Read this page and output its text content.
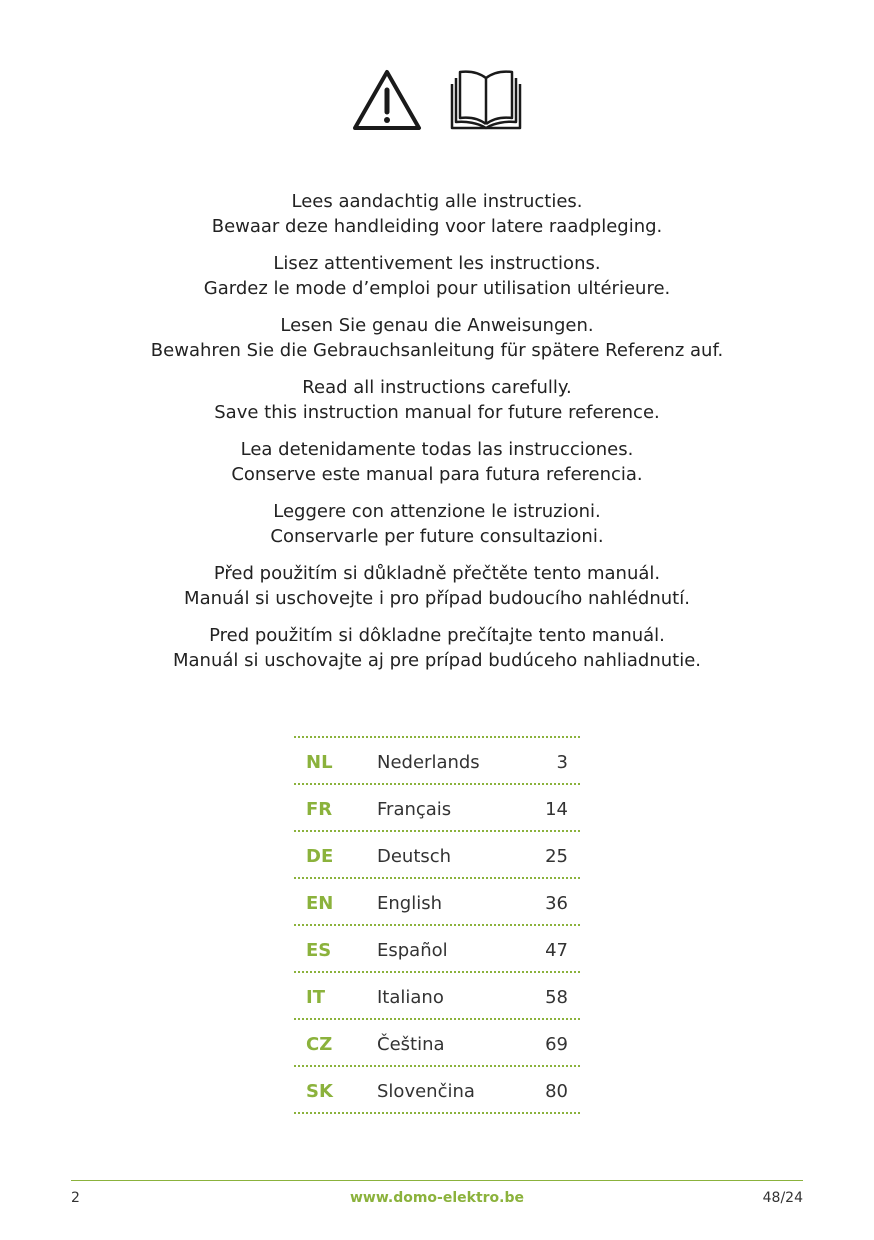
Lees aandachtig alle instructies.
Bewaar deze handleiding voor latere raadpleging.
Lisez attentivement les instructions.
Gardez le mode d’emploi pour utilisation ultérieure.
Lesen Sie genau die Anweisungen.
Bewahren Sie die Gebrauchsanleitung für spätere Referenz auf.
Read all instructions carefully.
Save this instruction manual for future reference.
Lea detenidamente todas las instrucciones.
Conserve este manual para futura referencia.
Leggere con attenzione le istruzioni.
Conservarle per future consultazioni.
Před použitím si důkladně přečtěte tento manuál.
Manuál si uschovejte i pro případ budoucího nahlédnutí.
Pred použitím si dôkladne prečítajte tento manuál.
Manuál si uschovajte aj pre prípad budúceho nahliadnutie.
NL Nederlands	3
FR Français	14
DE Deutsch	25
EN English	36
ES	Español	47
IT	Italiano	58
CZ Čeština	69
SK Slovenčina	80
2	www.domo-elektro.be	48/24
